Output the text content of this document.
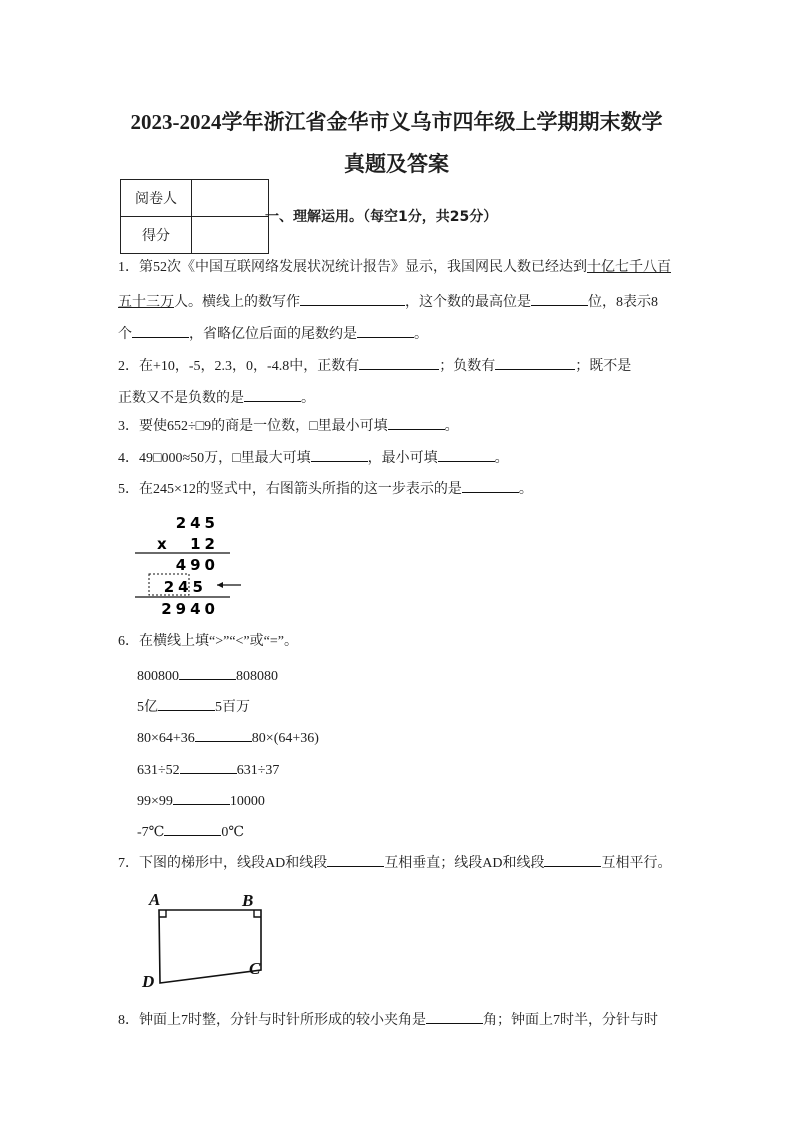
2023-2024学年浙江省金华市义乌市四年级上学期期末数学
真题及答案
阅卷人	
得分	
一、理解运用。（每空1分，共25分）
1．第52次《中国互联网络发展状况统计报告》显示，我国网民人数已经达到十亿七千八百
五十三万人。横线上的数写作	，这个数的最高位是	位，8表示8
个	，省略亿位后面的尾数约是	。
2．在+10，-5，2.3，0，-4.8中，正数有	；负数有	；既不是
正数又不是负数的是	。
3．要使652÷□9的商是一位数，□里最小可填	。
4．49□000≈50万，□里最大可填	，最小可填	。
5．在245×12的竖式中，右图箭头所指的这一步表示的是	。
245
x 12
490
245
2940
6．在横线上填“>”“<”或“=”。
800800	808080
5亿	5百万
80×64+36	80×(64+36)
631÷52	631÷37
99×99	10000
-7℃	0℃
7．下图的梯形中，线段AD和线段	互相垂直；线段AD和线段	互相平行。
A	B
C
D
8．钟面上7时整，分针与时针所形成的较小夹角是	角；钟面上7时半，分针与时
